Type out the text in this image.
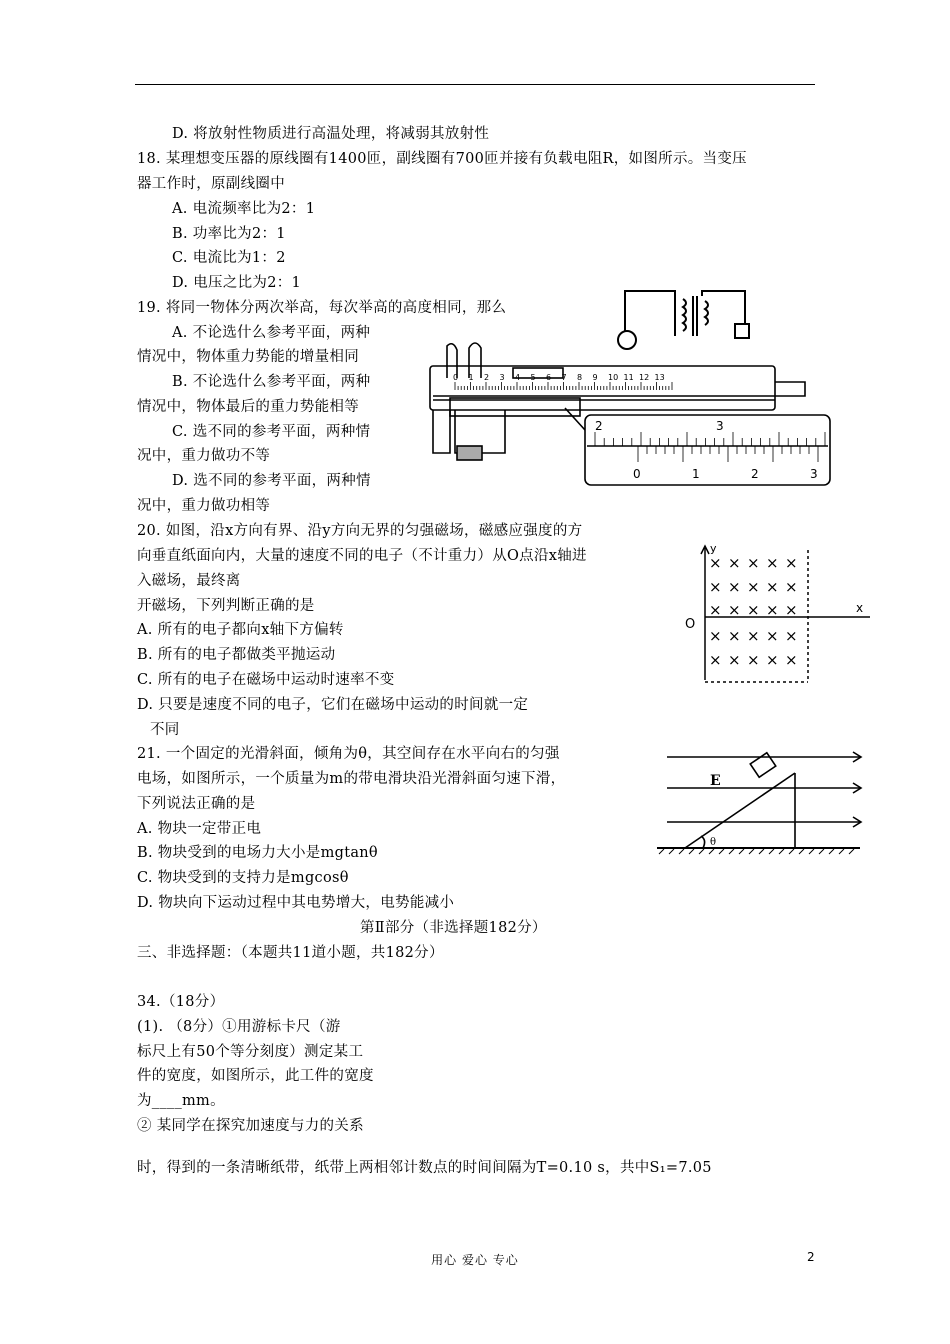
D. 将放射性物质进行高温处理，将减弱其放射性
18. 某理想变压器的原线圈有1400匝，副线圈有700匝并接有负载电阻R，如图所示。当变压
器工作时，原副线圈中
A. 电流频率比为2：1
B. 功率比为2：1
C. 电流比为1：2
D. 电压之比为2：1
19. 将同一物体分两次举高，每次举高的高度相同，那么
A. 不论选什么参考平面，两种
情况中，物体重力势能的增量相同
B. 不论选什么参考平面，两种
情况中，物体最后的重力势能相等
C. 选不同的参考平面，两种情
况中，重力做功不等
D. 选不同的参考平面，两种情
况中，重力做功相等
20. 如图，沿x方向有界、沿y方向无界的匀强磁场，磁感应强度的方
向垂直纸面向内，大量的速度不同的电子（不计重力）从O点沿x轴进
入磁场，最终离
开磁场，下列判断正确的是
A. 所有的电子都向x轴下方偏转
B. 所有的电子都做类平抛运动
C. 所有的电子在磁场中运动时速率不变
D. 只要是速度不同的电子，它们在磁场中运动的时间就一定
不同
21. 一个固定的光滑斜面，倾角为θ，其空间存在水平向右的匀强
电场，如图所示，一个质量为m的带电滑块沿光滑斜面匀速下滑，
下列说法正确的是
A. 物块一定带正电
B. 物块受到的电场力大小是mgtanθ
C. 物块受到的支持力是mgcosθ
D. 物块向下运动过程中其电势增大，电势能减小
第Ⅱ部分（非选择题182分）
三、非选择题：（本题共11道小题，共182分）
34.（18分）
(1). （8分）①用游标卡尺（游
标尺上有50个等分刻度）测定某工
件的宽度，如图所示，此工件的宽度
为____mm。
② 某同学在探究加速度与力的关系
时，得到的一条清晰纸带，纸带上两相邻计数点的时间间隔为T=0.10 s，共中S₁=7.05
0 1 2 3 4 5 6 7 8 9 10 11 12 13
2	3
0	1	2	3
y
x
O
× × × × ×
× × × × ×
× × × × ×
× × × × ×
× × × × ×
E
θ
用心 爱心 专心	2
